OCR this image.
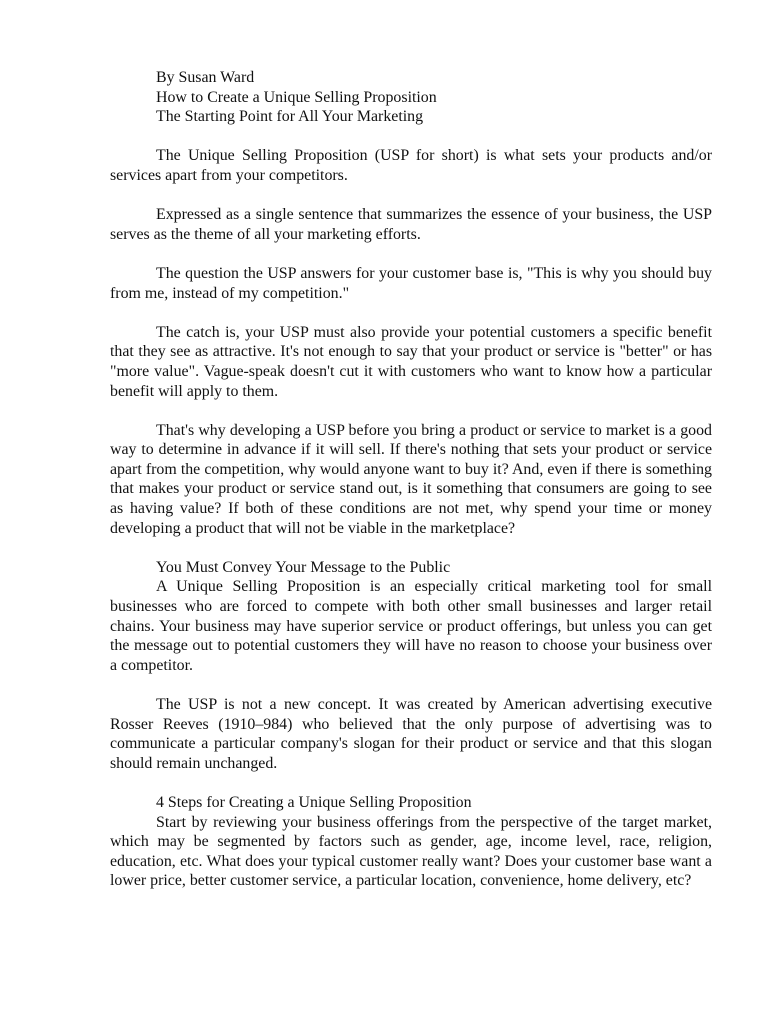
By Susan Ward

How to Create a Unique Selling Proposition

The Starting Point for All Your Marketing

The Unique Selling Proposition (USP for short) is what sets your products and/or services apart from your competitors.

Expressed as a single sentence that summarizes the essence of your business, the USP serves as the theme of all your marketing efforts.

The question the USP answers for your customer base is, "This is why you should buy from me, instead of my competition."

The catch is, your USP must also provide your potential customers a specific benefit that they see as attractive. It's not enough to say that your product or service is "better" or has "more value". Vague-speak doesn't cut it with customers who want to know how a particular benefit will apply to them.

That's why developing a USP before you bring a product or service to market is a good way to determine in advance if it will sell. If there's nothing that sets your product or service apart from the competition, why would anyone want to buy it? And, even if there is something that makes your product or service stand out, is it something that consumers are going to see as having value? If both of these conditions are not met, why spend your time or money developing a product that will not be viable in the marketplace?

You Must Convey Your Message to the Public

A Unique Selling Proposition is an especially critical marketing tool for small businesses who are forced to compete with both other small businesses and larger retail chains. Your business may have superior service or product offerings, but unless you can get the message out to potential customers they will have no reason to choose your business over a competitor.

The USP is not a new concept. It was created by American advertising executive Rosser Reeves (1910–984) who believed that the only purpose of advertising was to communicate a particular company's slogan for their product or service and that this slogan should remain unchanged.

4 Steps for Creating a Unique Selling Proposition

Start by reviewing your business offerings from the perspective of the target market, which may be segmented by factors such as gender, age, income level, race, religion, education, etc. What does your typical customer really want? Does your customer base want a lower price, better customer service, a particular location, convenience, home delivery, etc?
